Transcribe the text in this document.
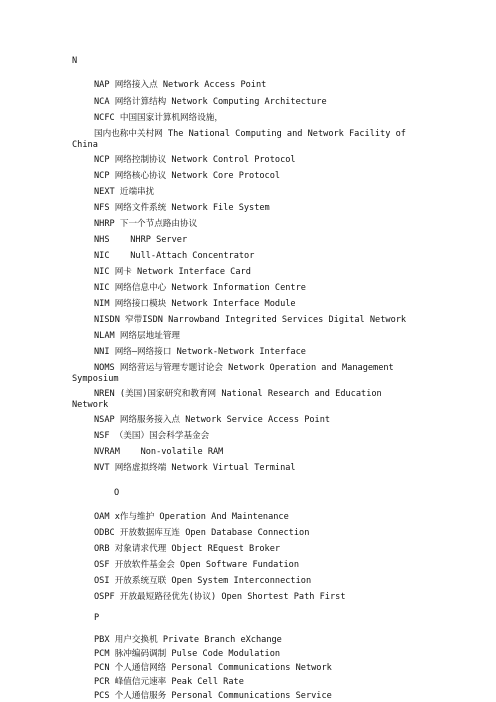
N
NAP 网络接入点 Network Access Point
NCA 网络计算结构 Network Computing Architecture
NCFC 中国国家计算机网络设施，
国内也称中关村网 The National Computing and Network Facility of
China
NCP 网络控制协议 Network Control Protocol
NCP 网络核心协议 Network Core Protocol
NEXT 近端串扰
NFS 网络文件系统 Network File System
NHRP 下一个节点路由协议
NHS    NHRP Server
NIC    Null-Attach Concentrator
NIC 网卡 Network Interface Card
NIC 网络信息中心 Network Information Centre
NIM 网络接口模块 Network Interface Module
NISDN 窄带ISDN Narrowband Integrited Services Digital Network
NLAM 网络层地址管理
NNI 网络—网络接口 Network-Network Interface
NOMS 网络营运与管理专题讨论会 Network Operation and Management
Symposium
NREN (美国)国家研究和教育网 National Research and Education
Network
NSAP 网络服务接入点 Network Service Access Point
NSF （美国）国会科学基金会
NVRAM    Non-volatile RAM
NVT 网络虚拟终端 Network Virtual Terminal
O
OAM x作与维护 Operation And Maintenance
ODBC 开放数据库互连 Open Database Connection
ORB 对象请求代理 Object REquest Broker
OSF 开放软件基金会 Open Software Fundation
OSI 开放系统互联 Open System Interconnection
OSPF 开放最短路径优先(协议) Open Shortest Path First
P
PBX 用户交换机 Private Branch eXchange
PCM 脉冲编码调制 Pulse Code Modulation
PCN 个人通信网络 Personal Communications Network
PCR 峰值信元速率 Peak Cell Rate
PCS 个人通信服务 Personal Communications Service
